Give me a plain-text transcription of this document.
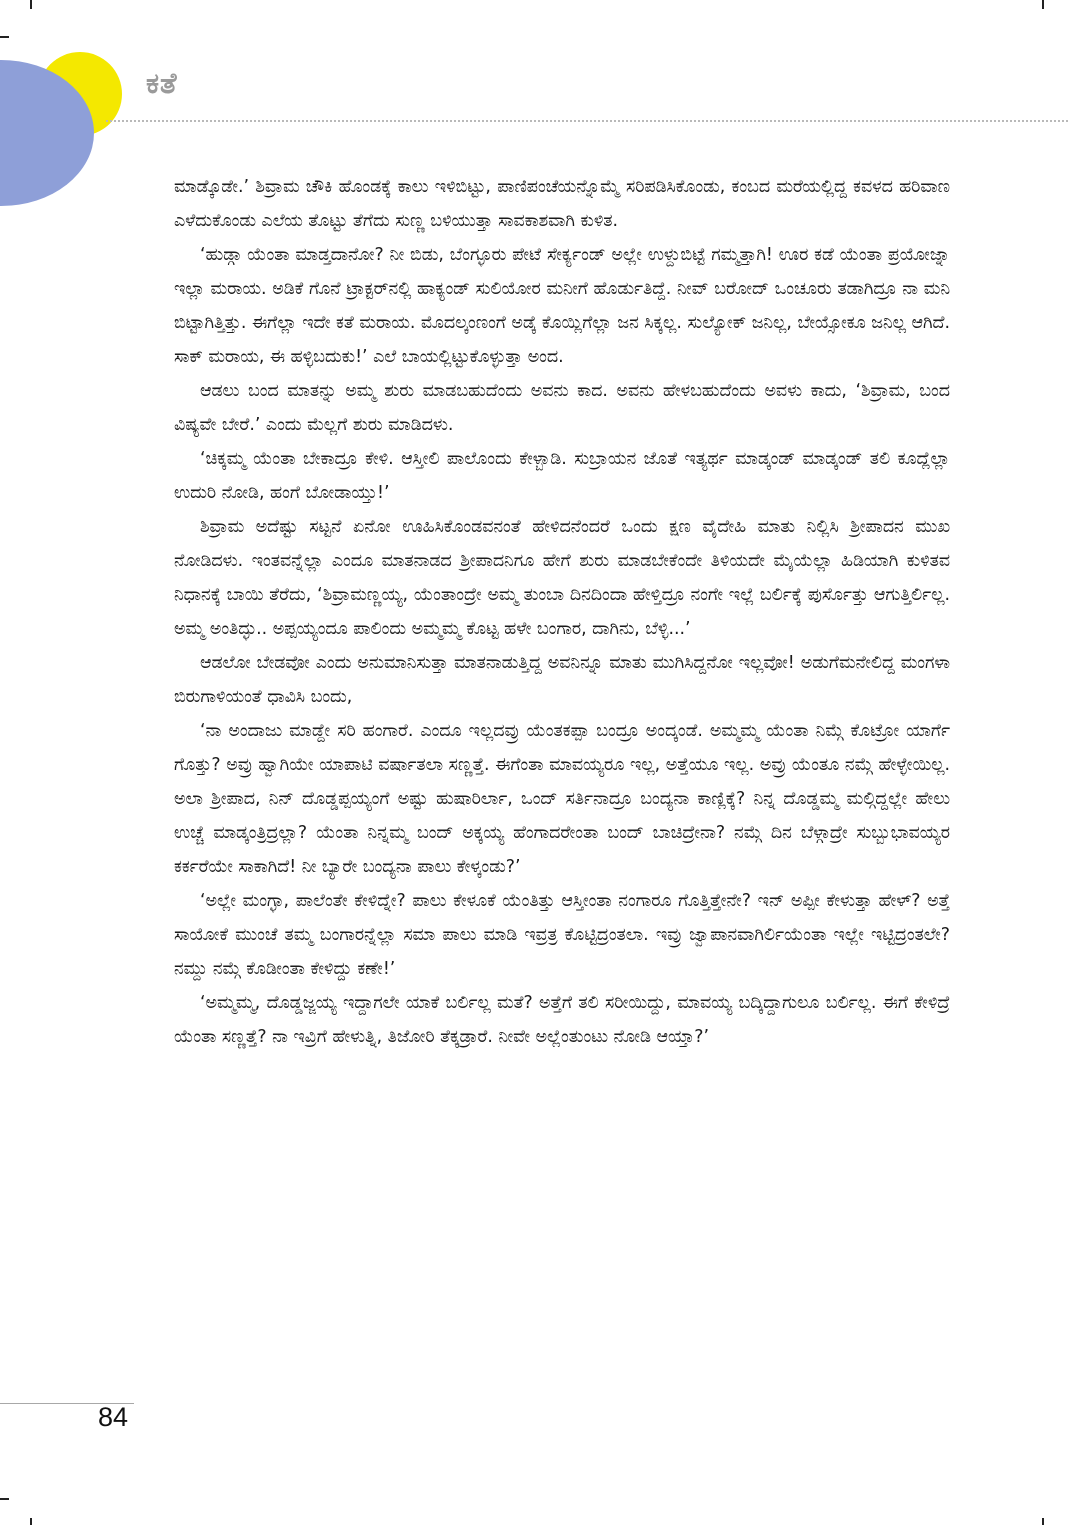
ಕತೆ

ಮಾಡ್ಕೊಡೇ.’ ಶಿವ್ರಾಮ ಚೌಕಿ ಹೊಂಡಕ್ಕೆ ಕಾಲು ಇಳಿಬಿಟ್ಟು, ಪಾಣಿಪಂಚೆಯನ್ನೊಮ್ಮೆ ಸರಿಪಡಿಸಿಕೊಂಡು, ಕಂಬದ ಮರೆಯಲ್ಲಿದ್ದ ಕವಳದ ಹರಿವಾಣ ಎಳೆದುಕೊಂಡು ಎಲೆಯ ತೊಟ್ಟು ತೆಗೆದು ಸುಣ್ಣ ಬಳಿಯುತ್ತಾ ಸಾವಕಾಶವಾಗಿ ಕುಳಿತ.

‘ಹುಡ್ಗಾ ಯೆಂತಾ ಮಾಡ್ತದಾನೋ? ನೀ ಬಿಡು, ಬೆಂಗ್ಳೂರು ಪೇಟೆ ಸೇರ್ಕ್ಯಂಡ್ ಅಲ್ಲೇ ಉಳ್ದುಬಿಟ್ಟೆ ಗಮ್ಮತ್ತಾಗಿ! ಊರ ಕಡೆ ಯೆಂತಾ ಪ್ರಯೋಜ್ನಾ ಇಲ್ಲಾ ಮರಾಯ. ಅಡಿಕೆ ಗೊನೆ ಟ್ರಾಕ್ಟರ್‌ನಲ್ಲಿ ಹಾಕ್ಯಂಡ್ ಸುಲಿಯೋರ ಮನೀಗೆ ಹೊರ್ಡುತಿದ್ದೆ. ನೀವ್ ಬರೋದ್ ಒಂಚೂರು ತಡಾಗಿದ್ರೂ ನಾ ಮನಿ ಬಿಟ್ಟಾಗಿತ್ತಿತ್ತು. ಈಗೆಲ್ಲಾ ಇದೇ ಕತೆ ಮರಾಯ. ಮೊದಲ್ಕಂಣಂಗೆ ಅಡ್ಕೆ ಕೊಯ್ಲಿಗೆಲ್ಲಾ ಜನ ಸಿಕ್ಕಲ್ಲ. ಸುಲ್ಯೋಕ್ ಜನಿಲ್ಲ, ಬೇಯ್ಸೋಕೂ ಜನಿಲ್ಲ ಆಗಿದೆ. ಸಾಕ್ ಮರಾಯ, ಈ ಹಳ್ಳಿಬದುಕು!’ ಎಲೆ ಬಾಯಲ್ಲಿಟ್ಟುಕೊಳ್ಳುತ್ತಾ ಅಂದ.

ಆಡಲು ಬಂದ ಮಾತನ್ನು ಅಮ್ಮ ಶುರು ಮಾಡಬಹುದೆಂದು ಅವನು ಕಾದ. ಅವನು ಹೇಳಬಹುದೆಂದು ಅವಳು ಕಾದು, ‘ಶಿವ್ರಾಮ, ಬಂದ ವಿಷ್ಯವೇ ಬೇರೆ.’ ಎಂದು ಮೆಲ್ಲಗೆ ಶುರು ಮಾಡಿದಳು.

‘ಚಿಕ್ಕಮ್ಮ ಯೆಂತಾ ಬೇಕಾದ್ರೂ ಕೇಳಿ. ಆಸ್ತೀಲಿ ಪಾಲೊಂದು ಕೇಳ್ಬಾಡಿ. ಸುಬ್ರಾಯನ ಜೊತೆ ಇತ್ಯರ್ಥ ಮಾಡ್ಕಂಡ್ ಮಾಡ್ಕಂಡ್ ತಲಿ ಕೂದ್ಲೆಲ್ಲಾ ಉದುರಿ ನೋಡಿ, ಹಂಗೆ ಬೋಡಾಯ್ತು!’

ಶಿವ್ರಾಮ ಅದೆಷ್ಟು ಸಟ್ಟನೆ ಏನೋ ಊಹಿಸಿಕೊಂಡವನಂತೆ ಹೇಳಿದನೆಂದರೆ ಒಂದು ಕ್ಷಣ ವೈದೇಹಿ ಮಾತು ನಿಲ್ಲಿಸಿ ಶ್ರೀಪಾದನ ಮುಖ ನೋಡಿದಳು. ಇಂತವನ್ನೆಲ್ಲಾ ಎಂದೂ ಮಾತನಾಡದ ಶ್ರೀಪಾದನಿಗೂ ಹೇಗೆ ಶುರು ಮಾಡಬೇಕೆಂದೇ ತಿಳಿಯದೇ ಮೈಯೆಲ್ಲಾ ಹಿಡಿಯಾಗಿ ಕುಳಿತವ ನಿಧಾನಕ್ಕೆ ಬಾಯಿ ತೆರೆದು, ‘ಶಿವ್ರಾಮಣ್ಣಯ್ಯ, ಯೆಂತಾಂದ್ರೇ ಅಮ್ಮ ತುಂಬಾ ದಿನದಿಂದಾ ಹೇಳ್ತಿದ್ರೂ ನಂಗೇ ಇಲ್ಲೆ ಬರ್ಲಿಕ್ಕೆ ಪುರ್ಸೊತ್ತು ಆಗುತ್ತಿರ್ಲಿಲ್ಲ. ಅಮ್ಮ ಅಂತಿದ್ಳು.. ಅಪ್ಪಯ್ಯಂದೂ ಪಾಲಿಂದು ಅಮ್ಮಮ್ಮ ಕೊಟ್ಟ ಹಳೇ ಬಂಗಾರ, ದಾಗಿನು, ಬೆಳ್ಳಿ...’

ಆಡಲೋ ಬೇಡವೋ ಎಂದು ಅನುಮಾನಿಸುತ್ತಾ ಮಾತನಾಡುತ್ತಿದ್ದ ಅವನಿನ್ನೂ ಮಾತು ಮುಗಿಸಿದ್ದನೋ ಇಲ್ಲವೋ! ಅಡುಗೆಮನೇಲಿದ್ದ ಮಂಗಳಾ ಬಿರುಗಾಳಿಯಂತೆ ಧಾವಿಸಿ ಬಂದು,

‘ನಾ ಅಂದಾಜು ಮಾಡ್ದೇ ಸರಿ ಹಂಗಾರೆ. ಎಂದೂ ಇಲ್ಲದವ್ರು ಯೆಂತಕಪ್ಪಾ ಬಂದ್ರೂ ಅಂದ್ಕಂಡೆ. ಅಮ್ಮಮ್ಮ ಯೆಂತಾ ನಿಮ್ಗೆ ಕೊಟ್ರೋ ಯಾರ್ಗೆ ಗೊತ್ತು? ಅವ್ರು ಹ್ವಾಗಿಯೇ ಯಾಪಾಟಿ ವರ್ಷಾತಲಾ ಸಣ್ಣತ್ತೆ. ಈಗೆಂತಾ ಮಾವಯ್ಯರೂ ಇಲ್ಲ, ಅತ್ತೆಯೂ ಇಲ್ಲ. ಅವ್ರು ಯೆಂತೂ ನಮ್ಗೆ ಹೇಳ್ಳೇಯಿಲ್ಲ. ಅಲಾ ಶ್ರೀಪಾದ, ನಿನ್ ದೊಡ್ಡಪ್ಪಯ್ಯಂಗೆ ಅಷ್ಟು ಹುಷಾರಿರ್ಲಾ, ಒಂದ್ ಸರ್ತಿನಾದ್ರೂ ಬಂದ್ಯನಾ ಕಾಣ್ಲಿಕ್ಕೆ? ನಿನ್ನ ದೊಡ್ಡಮ್ಮ ಮಲ್ಗಿದ್ದಲ್ಲೇ ಹೇಲು ಉಚ್ಚೆ ಮಾಡ್ಕಂತ್ರಿದ್ರಲ್ಲಾ? ಯೆಂತಾ ನಿನ್ನಮ್ಮ ಬಂದ್ ಅಕ್ಕಯ್ಯ ಹೆಂಗಾದರೇಂತಾ ಬಂದ್ ಬಾಚಿದ್ರೇನಾ? ನಮ್ಗೆ ದಿನ ಬೆಳ್ಗಾದ್ರೇ ಸುಬ್ಬುಭಾವಯ್ಯರ ಕರ್ಕರೆಯೇ ಸಾಕಾಗಿದೆ! ನೀ ಬ್ಯಾರೇ ಬಂದ್ಯನಾ ಪಾಲು ಕೇಳ್ಕಂಡು?’

‘ಅಲ್ಲೇ ಮಂಗ್ಳಾ, ಪಾಲೆಂತೇ ಕೇಳಿದ್ನೇ? ಪಾಲು ಕೇಳೂಕೆ ಯೆಂತಿತ್ತು ಆಸ್ತೀಂತಾ ನಂಗಾರೂ ಗೊತ್ತಿತ್ತೇನೇ? ಇನ್ ಅಪ್ಪೀ ಕೇಳುತ್ತಾ ಹೇಳ್? ಅತ್ತೆ ಸಾಯೋಕೆ ಮುಂಚೆ ತಮ್ಮ ಬಂಗಾರನ್ನೆಲ್ಲಾ ಸಮಾ ಪಾಲು ಮಾಡಿ ಇವ್ರತ್ರ ಕೊಟ್ಟಿದ್ರಂತಲಾ. ಇವ್ರು ಜ್ವಾಪಾನವಾಗಿರ್ಲಿಯೆಂತಾ ಇಲ್ಲೇ ಇಟ್ಟಿದ್ರಂತಲೇ? ನಮ್ದು ನಮ್ಗೆ ಕೊಡೀಂತಾ ಕೇಳಿದ್ದು ಕಣೇ!’

‘ಅಮ್ಮಮ್ಮ, ದೊಡ್ಡಜ್ಜಯ್ಯ ಇದ್ದಾಗಲೇ ಯಾಕೆ ಬರ್ಲಿಲ್ಲ ಮತೆ? ಅತ್ತೆಗೆ ತಲಿ ಸರೀಯಿದ್ದು, ಮಾವಯ್ಯ ಬದ್ಕಿದ್ದಾಗುಲೂ ಬರ್ಲಿಲ್ಲ. ಈಗೆ ಕೇಳಿದ್ರೆ ಯೆಂತಾ ಸಣ್ಣತ್ತೆ? ನಾ ಇವ್ರಿಗೆ ಹೇಳುತ್ನಿ, ತಿಜೋರಿ ತೆಕ್ಕಡ್ರಾರೆ. ನೀವೇ ಅಲ್ಲೆಂತುಂಟು ನೋಡಿ ಆಯ್ತಾ?’

84
